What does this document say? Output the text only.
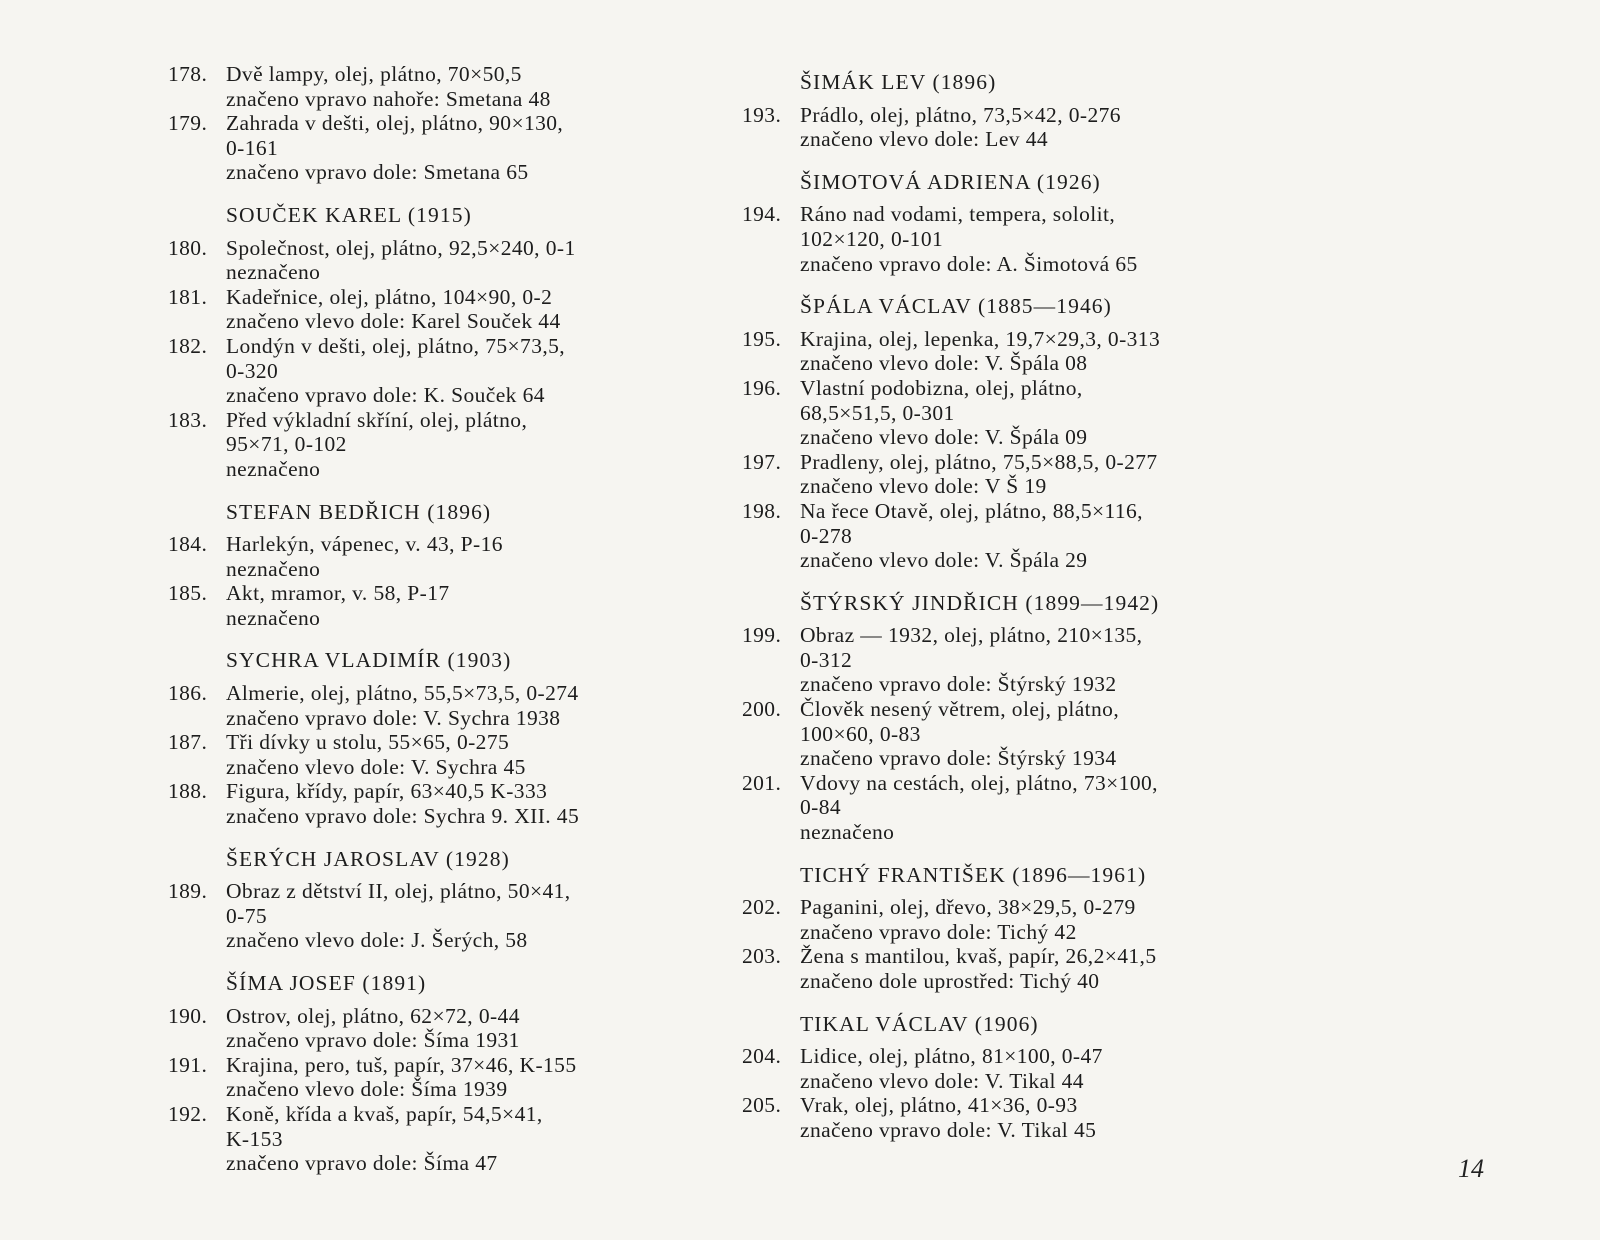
178. Dvě lampy, olej, plátno, 70×50,5
značeno vpravo nahoře: Smetana 48
179. Zahrada v dešti, olej, plátno, 90×130,
0-161
značeno vpravo dole: Smetana 65
SOUČEK KAREL (1915)
180. Společnost, olej, plátno, 92,5×240, 0-1
neznačeno
181. Kadeřnice, olej, plátno, 104×90, 0-2
značeno vlevo dole: Karel Souček 44
182. Londýn v dešti, olej, plátno, 75×73,5,
0-320
značeno vpravo dole: K. Souček 64
183. Před výkladní skříní, olej, plátno,
95×71, 0-102
neznačeno
STEFAN BEDŘICH (1896)
184. Harlekýn, vápenec, v. 43, P-16
neznačeno
185. Akt, mramor, v. 58, P-17
neznačeno
SYCHRA VLADIMÍR (1903)
186. Almerie, olej, plátno, 55,5×73,5, 0-274
značeno vpravo dole: V. Sychra 1938
187. Tři dívky u stolu, 55×65, 0-275
značeno vlevo dole: V. Sychra 45
188. Figura, křídy, papír, 63×40,5 K-333
značeno vpravo dole: Sychra 9. XII. 45
ŠERÝCH JAROSLAV (1928)
189. Obraz z dětství II, olej, plátno, 50×41,
0-75
značeno vlevo dole: J. Šerých, 58
ŠÍMA JOSEF (1891)
190. Ostrov, olej, plátno, 62×72, 0-44
značeno vpravo dole: Šíma 1931
191. Krajina, pero, tuš, papír, 37×46, K-155
značeno vlevo dole: Šíma 1939
192. Koně, křída a kvaš, papír, 54,5×41,
K-153
značeno vpravo dole: Šíma 47
ŠIMÁK LEV (1896)
193. Prádlo, olej, plátno, 73,5×42, 0-276
značeno vlevo dole: Lev 44
ŠIMOTOVÁ ADRIENA (1926)
194. Ráno nad vodami, tempera, sololit,
102×120, 0-101
značeno vpravo dole: A. Šimotová 65
ŠPÁLA VÁCLAV (1885—1946)
195. Krajina, olej, lepenka, 19,7×29,3, 0-313
značeno vlevo dole: V. Špála 08
196. Vlastní podobizna, olej, plátno,
68,5×51,5, 0-301
značeno vlevo dole: V. Špála 09
197. Pradleny, olej, plátno, 75,5×88,5, 0-277
značeno vlevo dole: V Š 19
198. Na řece Otavě, olej, plátno, 88,5×116,
0-278
značeno vlevo dole: V. Špála 29
ŠTÝRSKÝ JINDŘICH (1899—1942)
199. Obraz — 1932, olej, plátno, 210×135,
0-312
značeno vpravo dole: Štýrský 1932
200. Člověk nesený větrem, olej, plátno,
100×60, 0-83
značeno vpravo dole: Štýrský 1934
201. Vdovy na cestách, olej, plátno, 73×100,
0-84
neznačeno
TICHÝ FRANTIŠEK (1896—1961)
202. Paganini, olej, dřevo, 38×29,5, 0-279
značeno vpravo dole: Tichý 42
203. Žena s mantilou, kvaš, papír, 26,2×41,5
značeno dole uprostřed: Tichý 40
TIKAL VÁCLAV (1906)
204. Lidice, olej, plátno, 81×100, 0-47
značeno vlevo dole: V. Tikal 44
205. Vrak, olej, plátno, 41×36, 0-93
značeno vpravo dole: V. Tikal 45
14
